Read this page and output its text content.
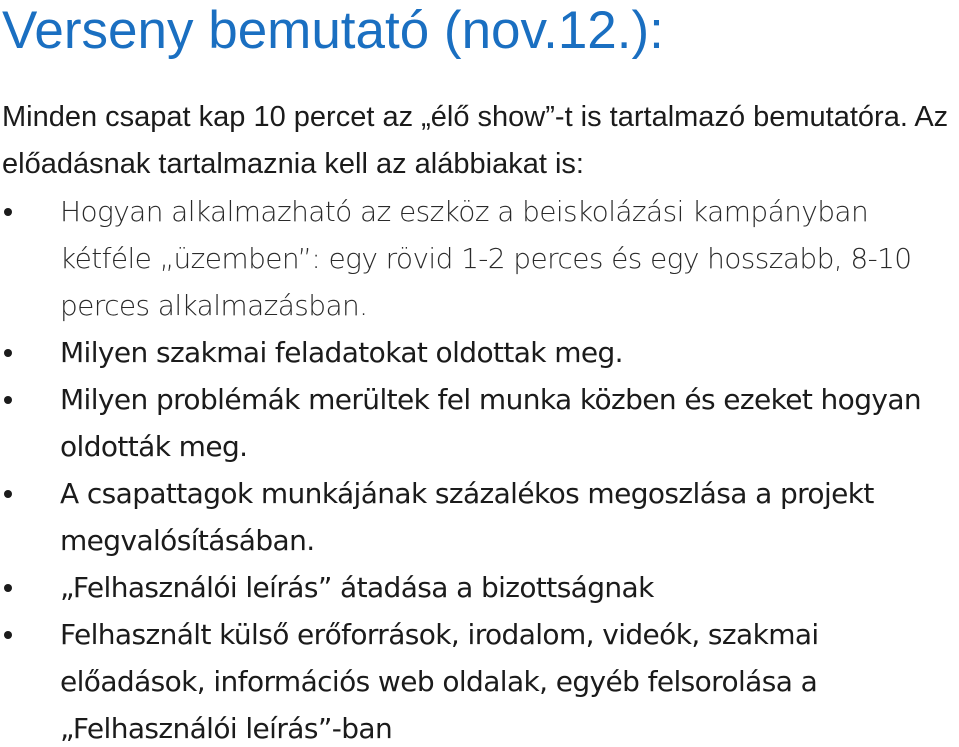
Verseny bemutató (nov.12.):

Minden csapat kap 10 percet az „élő show”-t is tartalmazó bemutatóra. Az előadásnak tartalmaznia kell az alábbiakat is:

Hogyan alkalmazható az eszköz a beiskolázási kampányban kétféle „üzemben”: egy rövid 1-2 perces és egy hosszabb, 8-10 perces alkalmazásban.
Milyen szakmai feladatokat oldottak meg.
Milyen problémák merültek fel munka közben és ezeket hogyan oldották meg.
A csapattagok munkájának százalékos megoszlása a projekt megvalósításában.
„Felhasználói leírás” átadása a bizottságnak
Felhasznált külső erőforrások, irodalom, videók, szakmai előadások, információs web oldalak, egyéb felsorolása a „Felhasználói leírás”-ban
